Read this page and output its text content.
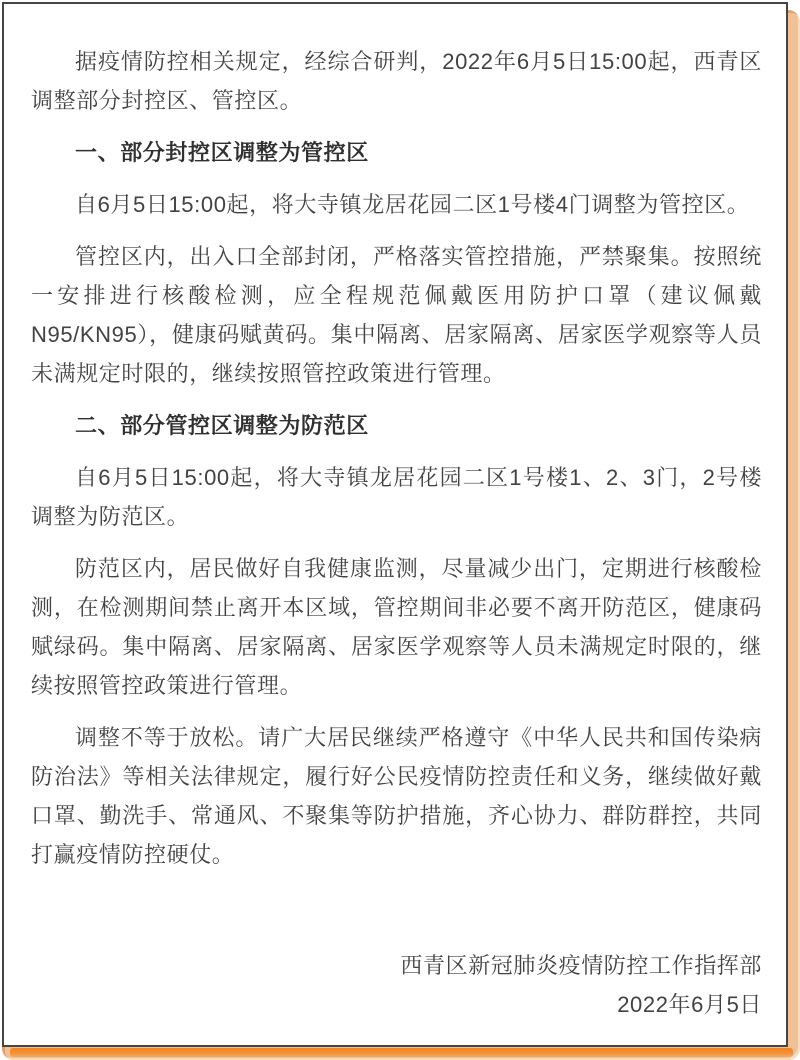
据疫情防控相关规定，经综合研判，2022年6月5日15:00起，西青区调整部分封控区、管控区。

一、部分封控区调整为管控区

自6月5日15:00起，将大寺镇龙居花园二区1号楼4门调整为管控区。

管控区内，出入口全部封闭，严格落实管控措施，严禁聚集。按照统一安排进行核酸检测，应全程规范佩戴医用防护口罩（建议佩戴N95/KN95），健康码赋黄码。集中隔离、居家隔离、居家医学观察等人员未满规定时限的，继续按照管控政策进行管理。

二、部分管控区调整为防范区

自6月5日15:00起，将大寺镇龙居花园二区1号楼1、2、3门，2号楼调整为防范区。

防范区内，居民做好自我健康监测，尽量减少出门，定期进行核酸检测，在检测期间禁止离开本区域，管控期间非必要不离开防范区，健康码赋绿码。集中隔离、居家隔离、居家医学观察等人员未满规定时限的，继续按照管控政策进行管理。

调整不等于放松。请广大居民继续严格遵守《中华人民共和国传染病防治法》等相关法律规定，履行好公民疫情防控责任和义务，继续做好戴口罩、勤洗手、常通风、不聚集等防护措施，齐心协力、群防群控，共同打赢疫情防控硬仗。

西青区新冠肺炎疫情防控工作指挥部

2022年6月5日
